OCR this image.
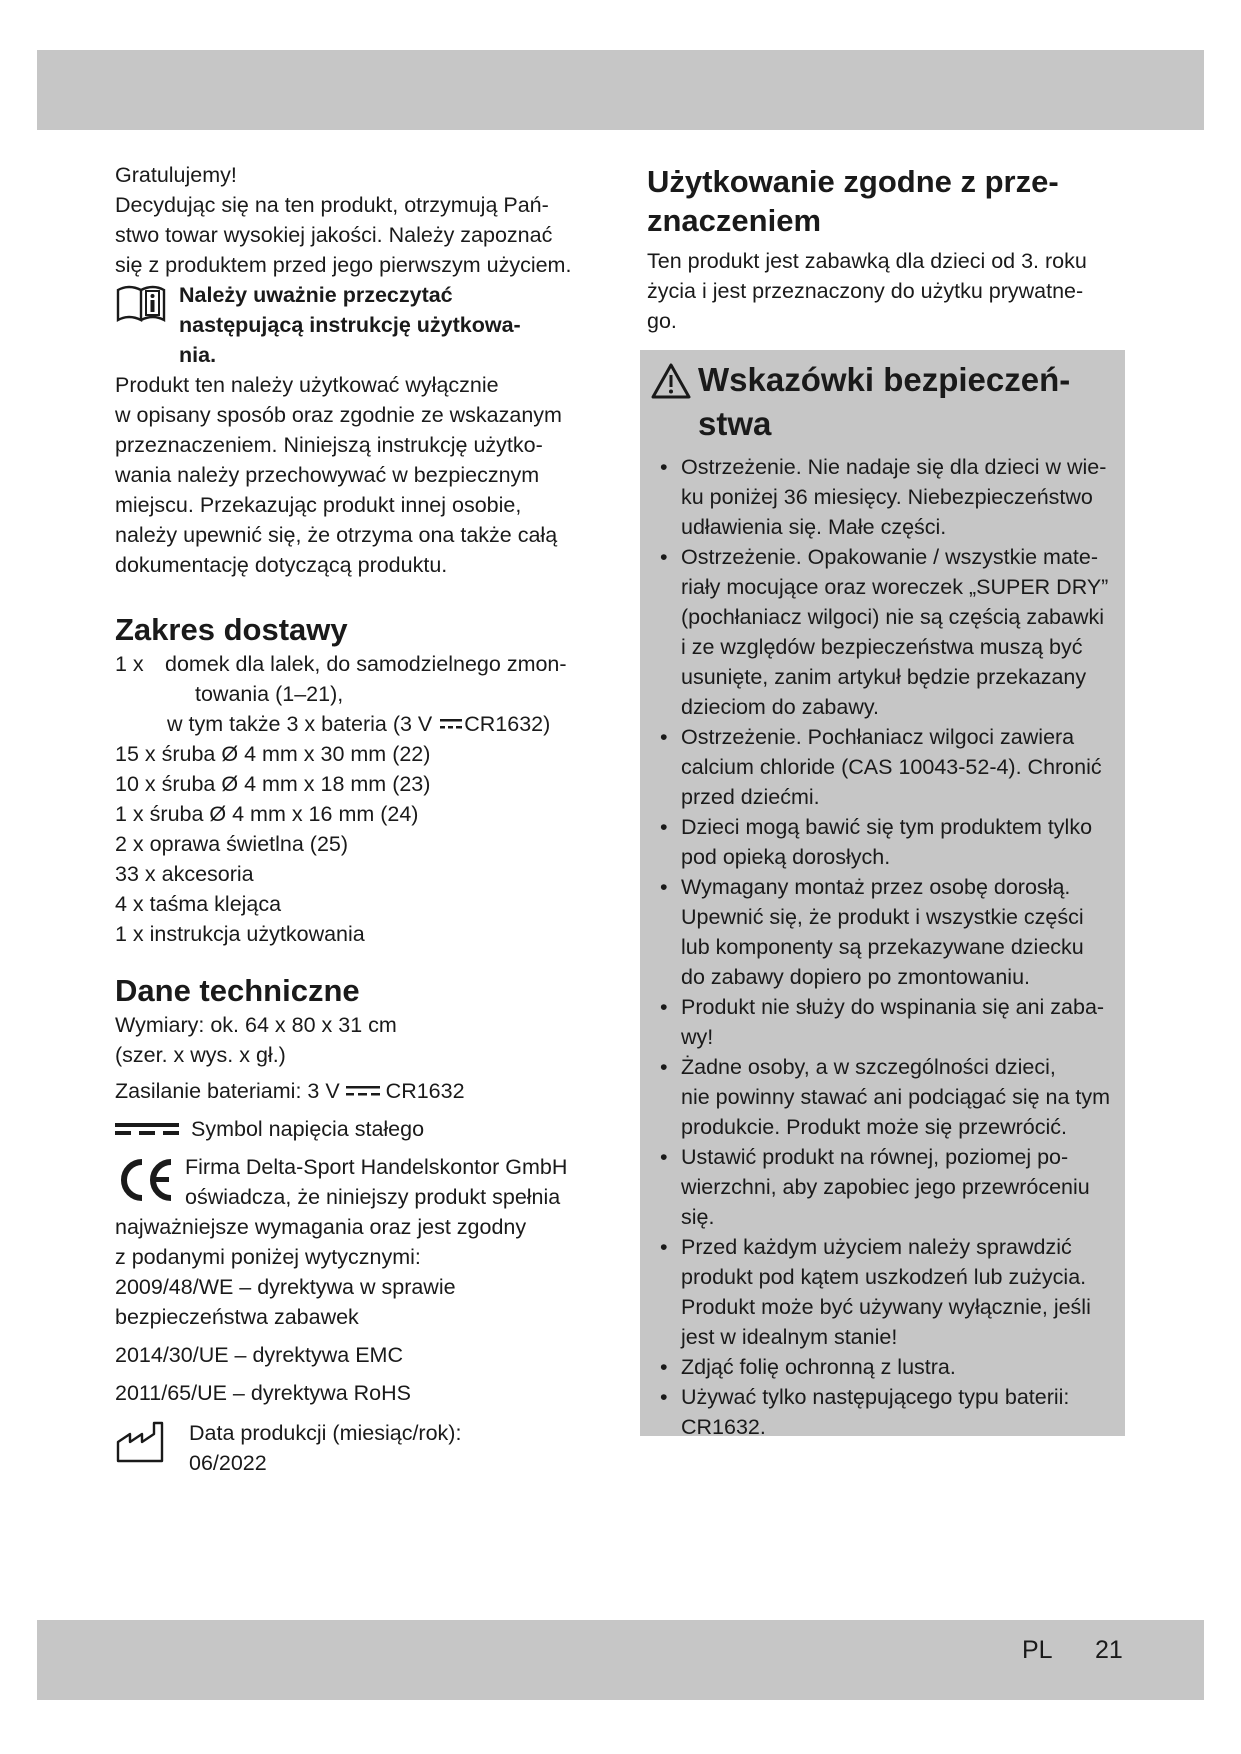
Gratulujemy!

Decydując się na ten produkt, otrzymują Pań-

stwo towar wysokiej jakości. Należy zapoznać

się z produktem przed jego pierwszym użyciem.

Należy uważnie przeczytać
następującą instrukcję użytkowa-
nia.

Produkt ten należy użytkować wyłącznie

w opisany sposób oraz zgodnie ze wskazanym

przeznaczeniem. Niniejszą instrukcję użytko-

wania należy przechowywać w bezpiecznym

miejscu. Przekazując produkt innej osobie,

należy upewnić się, że otrzyma ona także całą

dokumentację dotyczącą produktu.

Zakres dostawy
1 x domek dla lalek, do samodzielnego zmon-
towania (1–21),
w tym także 3 x bateria (3 V CR1632)
15 x śruba Ø 4 mm x 30 mm (22)
10 x śruba Ø 4 mm x 18 mm (23)
1 x śruba Ø 4 mm x 16 mm (24)
2 x oprawa świetlna (25)
33 x akcesoria
4 x taśma klejąca
1 x instrukcja użytkowania
Dane techniczne

Wymiary: ok. 64 x 80 x 31 cm

(szer. x wys. x gł.)

Zasilanie bateriami: 3 V CR1632
Symbol napięcia stałego
Firma Delta-Sport Handelskontor GmbH
oświadcza, że niniejszy produkt spełnia

najważniejsze wymagania oraz jest zgodny

z podanymi poniżej wytycznymi:

2009/48/WE – dyrektywa w sprawie

bezpieczeństwa zabawek

2014/30/UE – dyrektywa EMC

2011/65/UE – dyrektywa RoHS

Data produkcji (miesiąc/rok):
06/2022
Użytkowanie zgodne z prze-
znaczeniem

Ten produkt jest zabawką dla dzieci od 3. roku

życia i jest przeznaczony do użytku prywatne-

go.

Wskazówki bezpieczeń-
stwa
• Ostrzeżenie. Nie nadaje się dla dzieci w wie-
ku poniżej 36 miesięcy. Niebezpieczeństwo
udławienia się. Małe części.
• Ostrzeżenie. Opakowanie / wszystkie mate-
riały mocujące oraz woreczek „SUPER DRY”
(pochłaniacz wilgoci) nie są częścią zabawki
i ze względów bezpieczeństwa muszą być
usunięte, zanim artykuł będzie przekazany
dzieciom do zabawy.
• Ostrzeżenie. Pochłaniacz wilgoci zawiera
calcium chloride (CAS 10043-52-4). Chronić
przed dziećmi.
• Dzieci mogą bawić się tym produktem tylko
pod opieką dorosłych.
• Wymagany montaż przez osobę dorosłą.
Upewnić się, że produkt i wszystkie części
lub komponenty są przekazywane dziecku
do zabawy dopiero po zmontowaniu.
• Produkt nie służy do wspinania się ani zaba-
wy!
• Żadne osoby, a w szczególności dzieci,
nie powinny stawać ani podciągać się na tym
produkcie. Produkt może się przewrócić.
• Ustawić produkt na równej, poziomej po-
wierzchni, aby zapobiec jego przewróceniu
się.
• Przed każdym użyciem należy sprawdzić
produkt pod kątem uszkodzeń lub zużycia.
Produkt może być używany wyłącznie, jeśli
jest w idealnym stanie!
• Zdjąć folię ochronną z lustra.
• Używać tylko następującego typu baterii:
CR1632.
PL 21
